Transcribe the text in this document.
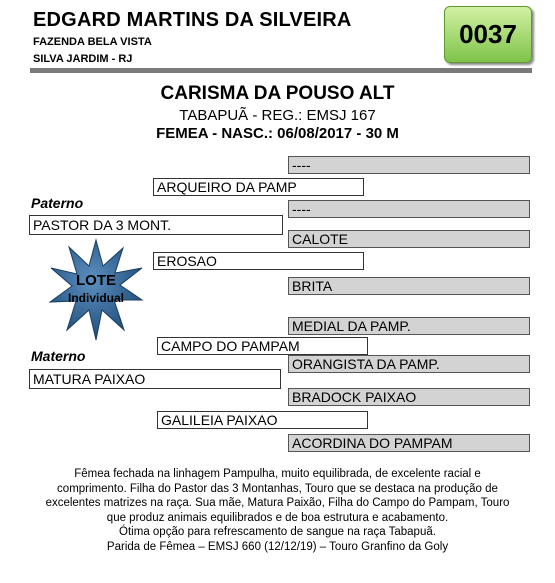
EDGARD MARTINS DA SILVEIRA
FAZENDA BELA VISTA
SILVA JARDIM - RJ
0037
CARISMA DA POUSO ALT
TABAPUÃ - REG.: EMSJ 167
FEMEA - NASC.: 06/08/2017 - 30 M
----
----
CALOTE
BRITA
MEDIAL DA PAMP.
ORANGISTA DA PAMP.
BRADOCK PAIXAO
ACORDINA DO PAMPAM
ARQUEIRO DA PAMP
EROSAO
CAMPO DO PAMPAM
GALILEIA PAIXAO
Paterno
PASTOR DA 3 MONT.
Materno
MATURA PAIXAO
LOTE
Individual
Fêmea fechada na linhagem Pampulha, muito equilibrada, de excelente racial e
comprimento. Filha do Pastor das 3 Montanhas, Touro que se destaca na produção de
excelentes matrizes na raça. Sua mãe, Matura Paixão, Filha do Campo do Pampam, Touro
que produz animais equilibrados e de boa estrutura e acabamento.
Ótima opção para refrescamento de sangue na raça Tabapuã.
Parida de Fêmea – EMSJ 660 (12/12/19) – Touro Granfino da Goly
